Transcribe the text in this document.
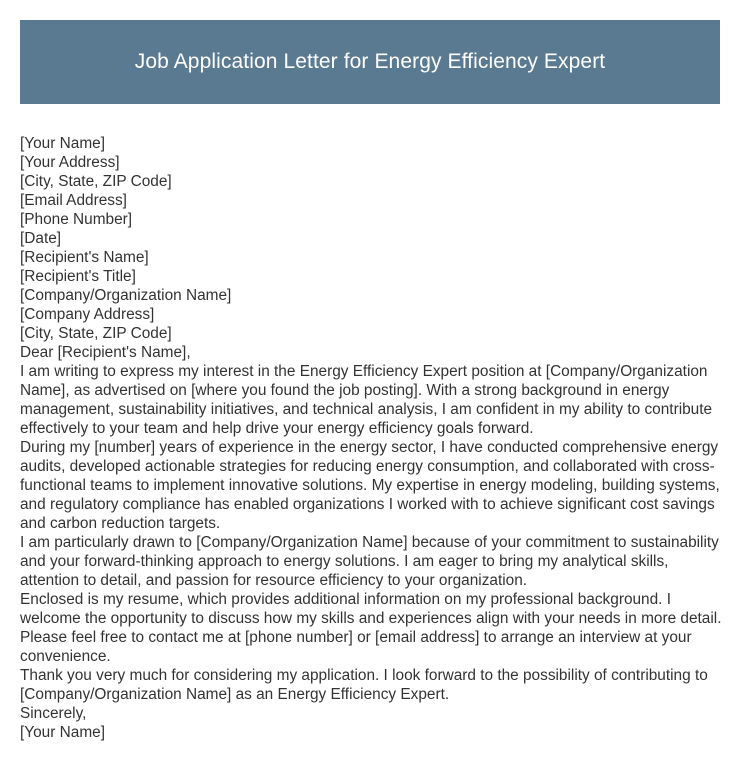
Job Application Letter for Energy Efficiency Expert

[Your Name]

[Your Address]

[City, State, ZIP Code]

[Email Address]

[Phone Number]

[Date]

[Recipient's Name]

[Recipient's Title]

[Company/Organization Name]

[Company Address]

[City, State, ZIP Code]

Dear [Recipient's Name],

I am writing to express my interest in the Energy Efficiency Expert position at [Company/Organization Name], as advertised on [where you found the job posting]. With a strong background in energy management, sustainability initiatives, and technical analysis, I am confident in my ability to contribute effectively to your team and help drive your energy efficiency goals forward.

During my [number] years of experience in the energy sector, I have conducted comprehensive energy audits, developed actionable strategies for reducing energy consumption, and collaborated with cross-functional teams to implement innovative solutions. My expertise in energy modeling, building systems, and regulatory compliance has enabled organizations I worked with to achieve significant cost savings and carbon reduction targets.

I am particularly drawn to [Company/Organization Name] because of your commitment to sustainability and your forward-thinking approach to energy solutions. I am eager to bring my analytical skills, attention to detail, and passion for resource efficiency to your organization.

Enclosed is my resume, which provides additional information on my professional background. I welcome the opportunity to discuss how my skills and experiences align with your needs in more detail. Please feel free to contact me at [phone number] or [email address] to arrange an interview at your convenience.

Thank you very much for considering my application. I look forward to the possibility of contributing to [Company/Organization Name] as an Energy Efficiency Expert.

Sincerely,

[Your Name]
